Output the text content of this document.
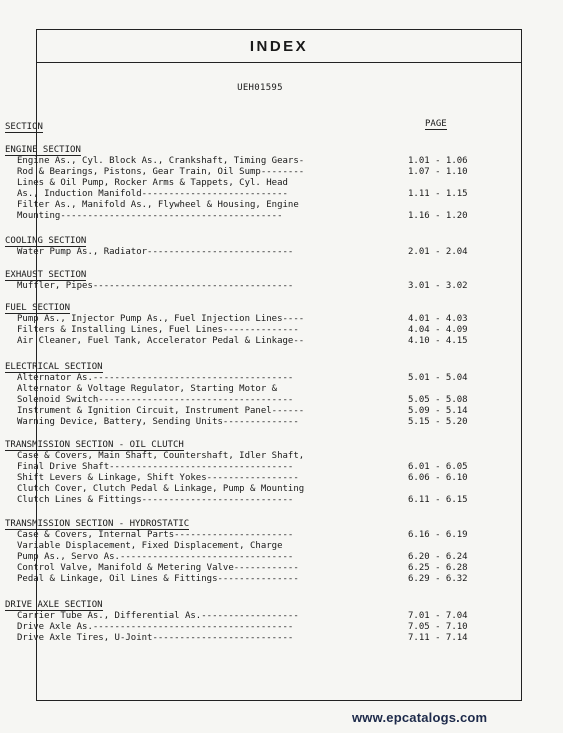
INDEX
UEH01595
SECTION	PAGE
ENGINE SECTION
Engine As., Cyl. Block As., Crankshaft, Timing Gears-	1.01 - 1.06
Rod & Bearings, Pistons, Gear Train, Oil Sump--------	1.07 - 1.10
Lines & Oil Pump, Rocker Arms & Tappets, Cyl. Head
As., Induction Manifold---------------------------	1.11 - 1.15
Filter As., Manifold As., Flywheel & Housing, Engine
Mounting-----------------------------------------	1.16 - 1.20
COOLING SECTION
Water Pump As., Radiator---------------------------	2.01 - 2.04
EXHAUST SECTION
Muffler, Pipes-------------------------------------	3.01 - 3.02
FUEL SECTION
Pump As., Injector Pump As., Fuel Injection Lines----	4.01 - 4.03
Filters & Installing Lines, Fuel Lines--------------	4.04 - 4.09
Air Cleaner, Fuel Tank, Accelerator Pedal & Linkage--	4.10 - 4.15
ELECTRICAL SECTION
Alternator As.-------------------------------------	5.01 - 5.04
Alternator & Voltage Regulator, Starting Motor &
Solenoid Switch------------------------------------	5.05 - 5.08
Instrument & Ignition Circuit, Instrument Panel------	5.09 - 5.14
Warning Device, Battery, Sending Units--------------	5.15 - 5.20
TRANSMISSION SECTION - OIL CLUTCH
Case & Covers, Main Shaft, Countershaft, Idler Shaft,
Final Drive Shaft----------------------------------	6.01 - 6.05
Shift Levers & Linkage, Shift Yokes-----------------	6.06 - 6.10
Clutch Cover, Clutch Pedal & Linkage, Pump & Mounting
Clutch Lines & Fittings----------------------------	6.11 - 6.15
TRANSMISSION SECTION - HYDROSTATIC
Case & Covers, Internal Parts----------------------	6.16 - 6.19
Variable Displacement, Fixed Displacement, Charge
Pump As., Servo As.--------------------------------	6.20 - 6.24
Control Valve, Manifold & Metering Valve------------	6.25 - 6.28
Pedal & Linkage, Oil Lines & Fittings---------------	6.29 - 6.32
DRIVE AXLE SECTION
Carrier Tube As., Differential As.------------------	7.01 - 7.04
Drive Axle As.-------------------------------------	7.05 - 7.10
Drive Axle Tires, U-Joint--------------------------	7.11 - 7.14
www.epcatalogs.com
